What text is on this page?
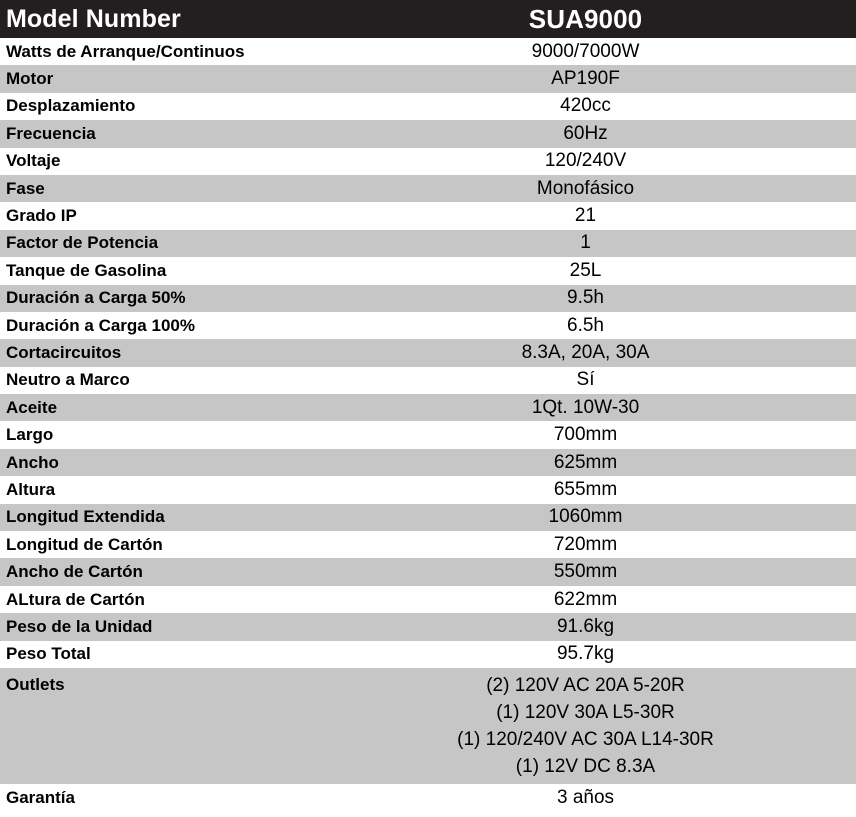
Model Number	SUA9000
Watts de Arranque/Continuos	9000/7000W
Motor	AP190F
Desplazamiento	420cc
Frecuencia	60Hz
Voltaje	120/240V
Fase	Monofásico
Grado IP	21
Factor de Potencia	1
Tanque de Gasolina	25L
Duración a Carga 50%	9.5h
Duración a Carga 100%	6.5h
Cortacircuitos	8.3A, 20A, 30A
Neutro a Marco	Sí
Aceite	1Qt. 10W-30
Largo	700mm
Ancho	625mm
Altura	655mm
Longitud Extendida	1060mm
Longitud de Cartón	720mm
Ancho de Cartón	550mm
ALtura de Cartón	622mm
Peso de la Unidad	91.6kg
Peso Total	95.7kg
Outlets	(2) 120V AC 20A 5-20R
(1) 120V 30A L5-30R
(1) 120/240V AC 30A L14-30R
(1) 12V DC 8.3A

Garantía	3 años
